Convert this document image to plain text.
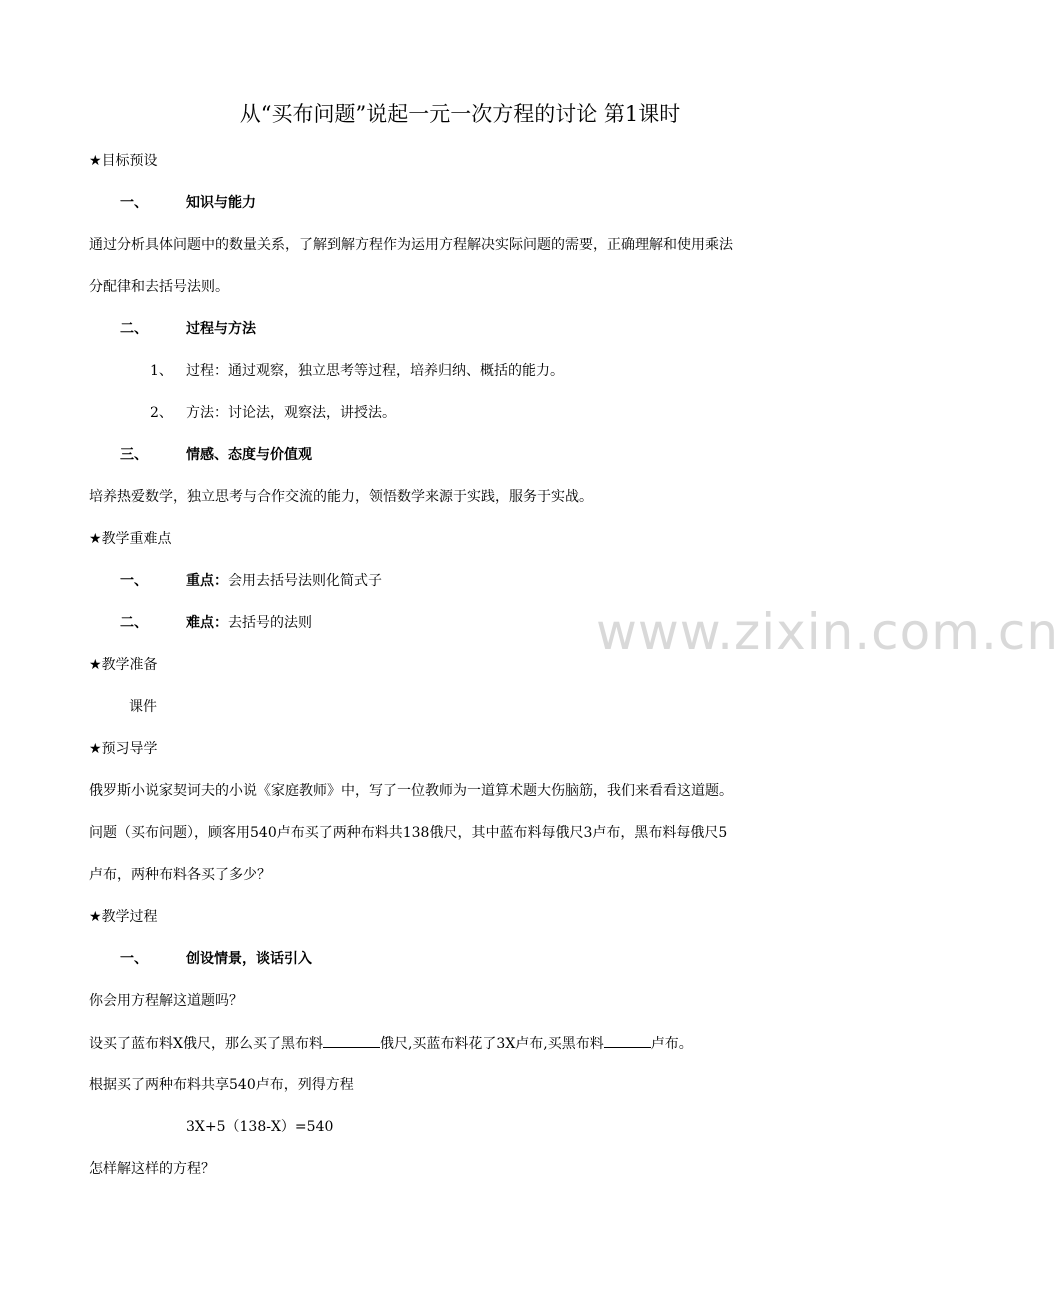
www.zixin.com.cn
从“买布问题”说起一元一次方程的讨论 第1课时
★目标预设
一、	知识与能力
通过分析具体问题中的数量关系，了解到解方程作为运用方程解决实际问题的需要，正确理解和使用乘法
分配律和去括号法则。
二、	过程与方法
1、 过程：通过观察，独立思考等过程，培养归纳、概括的能力。
2、 方法：讨论法，观察法，讲授法。
三、	情感、态度与价值观
培养热爱数学，独立思考与合作交流的能力，领悟数学来源于实践，服务于实战。
★教学重难点
一、	重点：会用去括号法则化简式子
二、	难点：去括号的法则
★教学准备
课件
★预习导学
俄罗斯小说家契诃夫的小说《家庭教师》中，写了一位教师为一道算术题大伤脑筋，我们来看看这道题。
问题（买布问题），顾客用540卢布买了两种布料共138俄尺，其中蓝布料每俄尺3卢布，黑布料每俄尺5
卢布，两种布料各买了多少？
★教学过程
一、	创设情景，谈话引入
你会用方程解这道题吗？
设买了蓝布料X俄尺，那么买了黑布料	俄尺,买蓝布料花了3X卢布,买黑布料	卢布。
根据买了两种布料共享540卢布，列得方程
3X+5（138-X）=540
怎样解这样的方程？
